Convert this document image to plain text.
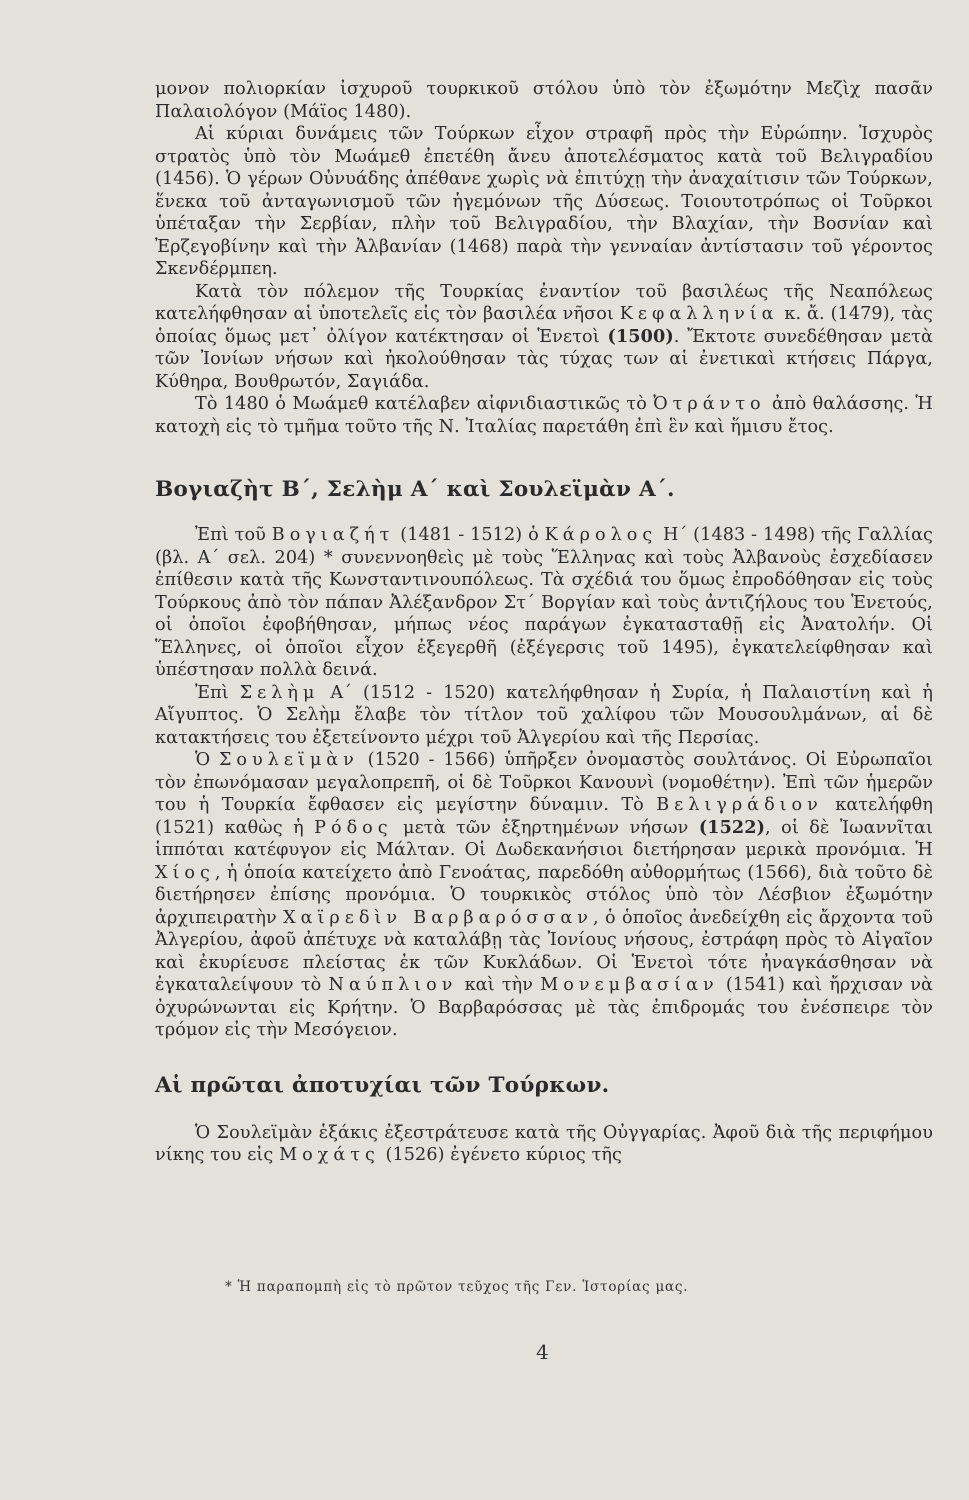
μονον πολιορκίαν ἰσχυροῦ τουρκικοῦ στόλου ὑπὸ τὸν ἐξωμότην Μεζὶχ πασᾶν Παλαιολόγον (Μάϊος 1480).

Αἱ κύριαι δυνάμεις τῶν Τούρκων εἶχον στραφῆ πρὸς τὴν Εὐρώπην. Ἰσχυρὸς στρατὸς ὑπὸ τὸν Μωάμεθ ἐπετέθη ἄνευ ἀποτελέσματος κατὰ τοῦ Βελιγραδίου (1456). Ὁ γέρων Οὐνυάδης ἀπέθανε χωρὶς νὰ ἐπιτύχῃ τὴν ἀναχαίτισιν τῶν Τούρκων, ἕνεκα τοῦ ἀνταγωνισμοῦ τῶν ἡγεμόνων τῆς Δύσεως. Τοιουτοτρόπως οἱ Τοῦρκοι ὑπέταξαν τὴν Σερβίαν, πλὴν τοῦ Βελιγραδίου, τὴν Βλαχίαν, τὴν Βοσνίαν καὶ Ἐρζεγοβίνην καὶ τὴν Ἀλβανίαν (1468) παρὰ τὴν γενναίαν ἀντίστασιν τοῦ γέροντος Σκενδέρμπεη.

Κατὰ τὸν πόλεμον τῆς Τουρκίας ἐναντίον τοῦ βασιλέως τῆς Νεαπόλεως κατελήφθησαν αἱ ὑποτελεῖς εἰς τὸν βασιλέα νῆσοι Κεφαλληνία κ. ἄ. (1479), τὰς ὁποίας ὅμως μετ᾽ ὀλίγον κατέκτησαν οἱ Ἑνετοὶ (1500). Ἔκτοτε συνεδέθησαν μετὰ τῶν Ἰονίων νήσων καὶ ἠκολούθησαν τὰς τύχας των αἱ ἐνετικαὶ κτήσεις Πάργα, Κύθηρα, Βουθρωτόν, Σαγιάδα.

Τὸ 1480 ὁ Μωάμεθ κατέλαβεν αἰφνιδιαστικῶς τὸ Ὀτράντο ἀπὸ θαλάσσης. Ἡ κατοχὴ εἰς τὸ τμῆμα τοῦτο τῆς Ν. Ἰταλίας παρετάθη ἐπὶ ἓν καὶ ἥμισυ ἔτος.

Βογιαζὴτ Β΄, Σελὴμ Α΄ καὶ Σουλεϊμὰν Α΄.

Ἐπὶ τοῦ Βογιαζήτ (1481 - 1512) ὁ Κάρολος Η΄ (1483 - 1498) τῆς Γαλλίας (βλ. Α΄ σελ. 204) * συνεννοηθεὶς μὲ τοὺς Ἕλληνας καὶ τοὺς Ἀλβανοὺς ἐσχεδίασεν ἐπίθεσιν κατὰ τῆς Κωνσταντινουπόλεως. Τὰ σχέδιά του ὅμως ἐπροδόθησαν εἰς τοὺς Τούρκους ἀπὸ τὸν πάπαν Ἀλέξανδρον Στ΄ Βοργίαν καὶ τοὺς ἀντιζήλους του Ἑνετούς, οἱ ὁποῖοι ἐφοβήθησαν, μήπως νέος παράγων ἐγκατασταθῇ εἰς Ἀνατολήν. Οἱ Ἕλληνες, οἱ ὁποῖοι εἶχον ἐξεγερθῆ (ἐξέγερσις τοῦ 1495), ἐγκατελείφθησαν καὶ ὑπέστησαν πολλὰ δεινά.

Ἐπὶ Σελὴμ Α΄ (1512 - 1520) κατελήφθησαν ἡ Συρία, ἡ Παλαιστίνη καὶ ἡ Αἴγυπτος. Ὁ Σελὴμ ἔλαβε τὸν τίτλον τοῦ χαλίφου τῶν Μουσουλμάνων, αἱ δὲ κατακτήσεις του ἐξετείνοντο μέχρι τοῦ Ἀλγερίου καὶ τῆς Περσίας.

Ὁ Σουλεϊμὰν (1520 - 1566) ὑπῆρξεν ὀνομαστὸς σουλτάνος. Οἱ Εὐρωπαῖοι τὸν ἐπωνόμασαν μεγαλοπρεπῆ, οἱ δὲ Τοῦρκοι Κανουνὶ (νομοθέτην). Ἐπὶ τῶν ἡμερῶν του ἡ Τουρκία ἔφθασεν εἰς μεγίστην δύναμιν. Τὸ Βελιγράδιον κατελήφθη (1521) καθὼς ἡ Ρόδος μετὰ τῶν ἐξηρτημένων νήσων (1522), οἱ δὲ Ἰωαννῖται ἱππόται κατέφυγον εἰς Μάλταν. Οἱ Δωδεκανήσιοι διετήρησαν μερικὰ προνόμια. Ἡ Χίος, ἡ ὁποία κατείχετο ἀπὸ Γενοάτας, παρεδόθη αὐθορμήτως (1566), διὰ τοῦτο δὲ διετήρησεν ἐπίσης προνόμια. Ὁ τουρκικὸς στόλος ὑπὸ τὸν Λέσβιον ἐξωμότην ἀρχιπειρατὴν Χαϊρεδὶν Βαρβαρόσσαν, ὁ ὁποῖος ἀνεδείχθη εἰς ἄρχοντα τοῦ Ἀλγερίου, ἀφοῦ ἀπέτυχε νὰ καταλάβῃ τὰς Ἰονίους νήσους, ἐστράφη πρὸς τὸ Αἰγαῖον καὶ ἐκυρίευσε πλείστας ἐκ τῶν Κυκλάδων. Οἱ Ἑνετοὶ τότε ἠναγκάσθησαν νὰ ἐγκαταλείψουν τὸ Ναύπλιον καὶ τὴν Μονεμβασίαν (1541) καὶ ἤρχισαν νὰ ὀχυρώνωνται εἰς Κρήτην. Ὁ Βαρβαρόσσας μὲ τὰς ἐπιδρομάς του ἐνέσπειρε τὸν τρόμον εἰς τὴν Μεσόγειον.

Αἱ πρῶται ἀποτυχίαι τῶν Τούρκων.

Ὁ Σουλεϊμὰν ἑξάκις ἐξεστράτευσε κατὰ τῆς Οὐγγαρίας. Ἀφοῦ διὰ τῆς περιφήμου νίκης του εἰς Μοχάτς (1526) ἐγένετο κύριος τῆς

* Ἡ παραπομπὴ εἰς τὸ πρῶτον τεῦχος τῆς Γεν. Ἱστορίας μας.
4
